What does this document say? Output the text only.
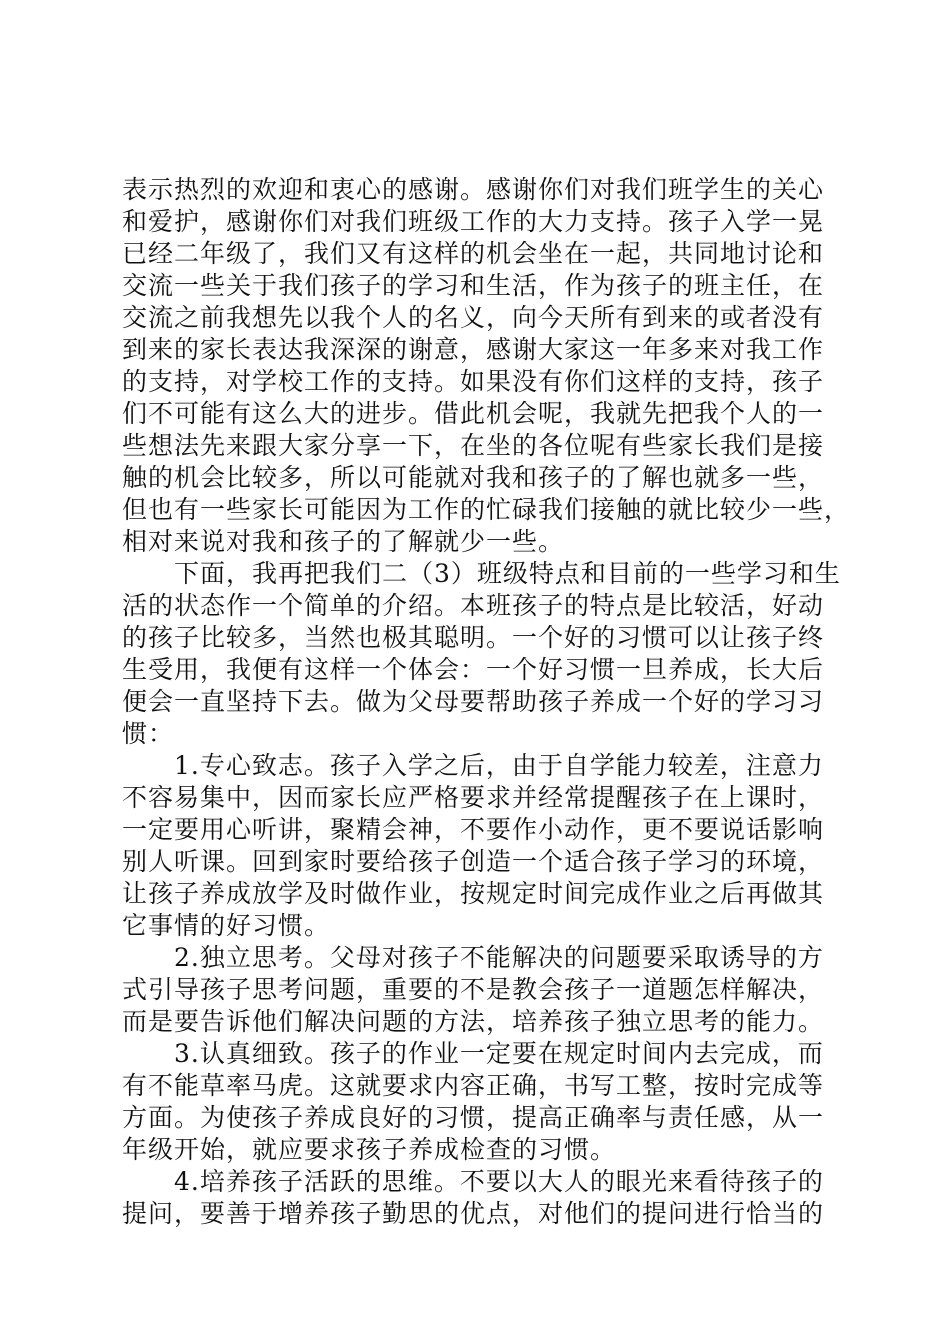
表示热烈的欢迎和衷心的感谢。感谢你们对我们班学生的关心
和爱护，感谢你们对我们班级工作的大力支持。孩子入学一晃
已经二年级了，我们又有这样的机会坐在一起，共同地讨论和
交流一些关于我们孩子的学习和生活，作为孩子的班主任，在
交流之前我想先以我个人的名义，向今天所有到来的或者没有
到来的家长表达我深深的谢意，感谢大家这一年多来对我工作
的支持，对学校工作的支持。如果没有你们这样的支持，孩子
们不可能有这么大的进步。借此机会呢，我就先把我个人的一
些想法先来跟大家分享一下，在坐的各位呢有些家长我们是接
触的机会比较多，所以可能就对我和孩子的了解也就多一些，
但也有一些家长可能因为工作的忙碌我们接触的就比较少一些，
相对来说对我和孩子的了解就少一些。
下面，我再把我们二（3）班级特点和目前的一些学习和生
活的状态作一个简单的介绍。本班孩子的特点是比较活，好动
的孩子比较多，当然也极其聪明。一个好的习惯可以让孩子终
生受用，我便有这样一个体会：一个好习惯一旦养成，长大后
便会一直坚持下去。做为父母要帮助孩子养成一个好的学习习
惯：
1.专心致志。孩子入学之后，由于自学能力较差，注意力
不容易集中，因而家长应严格要求并经常提醒孩子在上课时，
一定要用心听讲，聚精会神，不要作小动作，更不要说话影响
别人听课。回到家时要给孩子创造一个适合孩子学习的环境，
让孩子养成放学及时做作业，按规定时间完成作业之后再做其
它事情的好习惯。
2.独立思考。父母对孩子不能解决的问题要采取诱导的方
式引导孩子思考问题，重要的不是教会孩子一道题怎样解决，
而是要告诉他们解决问题的方法，培养孩子独立思考的能力。
3.认真细致。孩子的作业一定要在规定时间内去完成，而
有不能草率马虎。这就要求内容正确，书写工整，按时完成等
方面。为使孩子养成良好的习惯，提高正确率与责任感，从一
年级开始，就应要求孩子养成检查的习惯。
4.培养孩子活跃的思维。不要以大人的眼光来看待孩子的
提问，要善于增养孩子勤思的优点，对他们的提问进行恰当的
